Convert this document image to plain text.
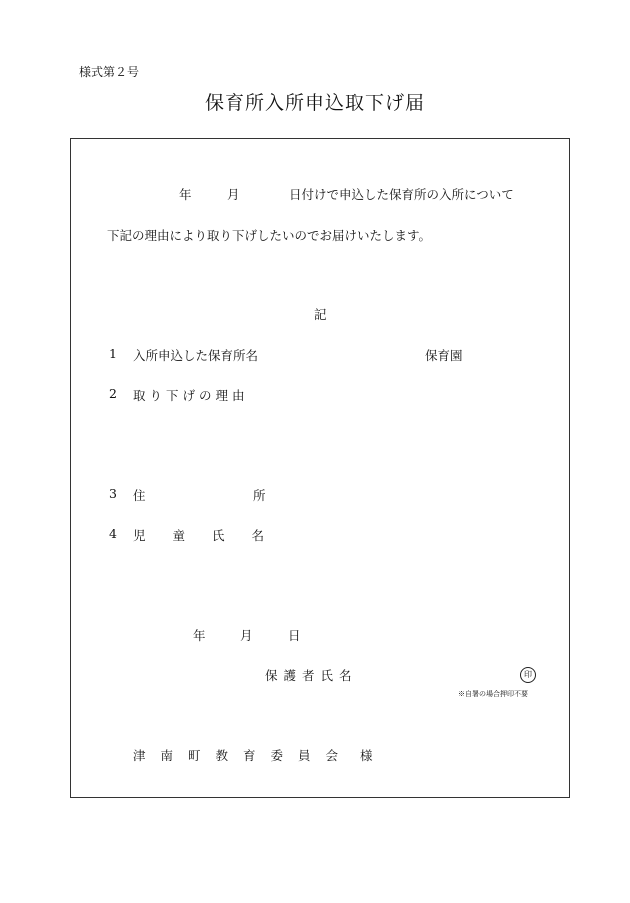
様式第２号
保育所入所申込取下げ届
年	月	日付けで申込した保育所の入所について
下記の理由により取り下げしたいのでお届けいたします。
記
1 入所申込した保育所名	保育園
2 取り下げの理由
3 住	所
4 児童氏名
年	月	日
保護者氏名	印
※自署の場合押印不要
津南町教育委員会 様
